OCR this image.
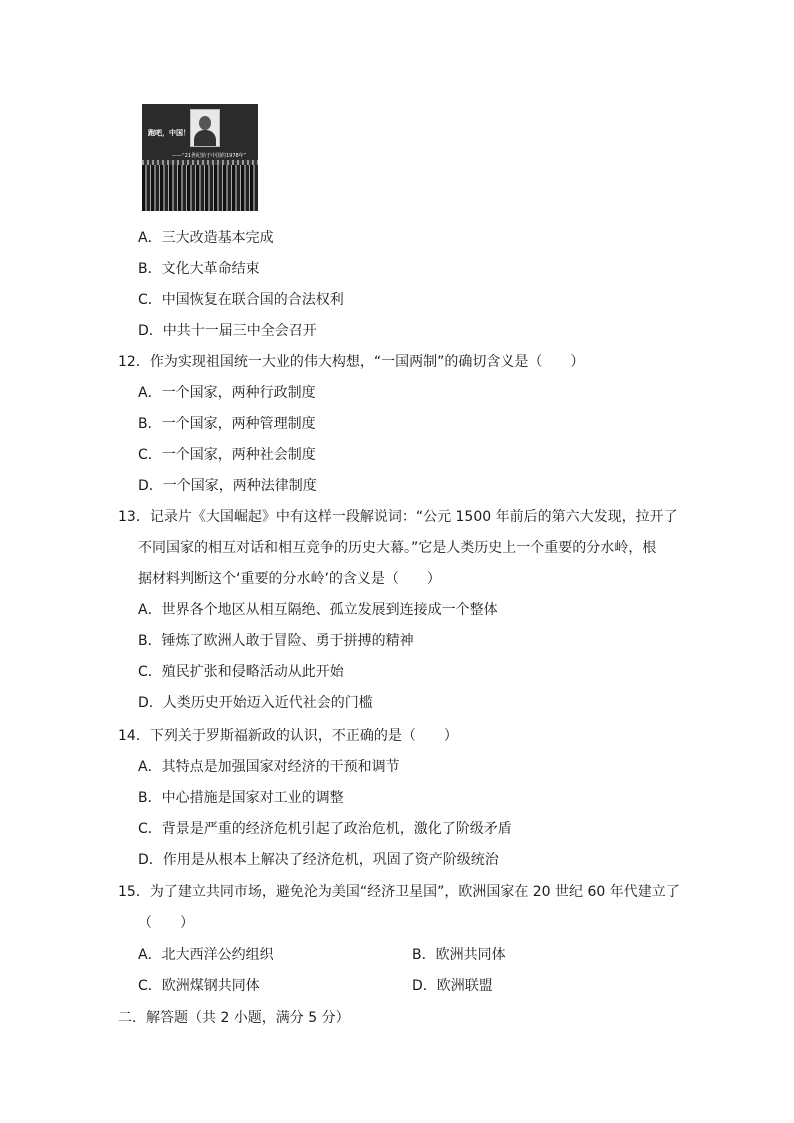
跑吧，中国！
——“21世纪始于中国的1978年”
A．三大改造基本完成
B．文化大革命结束
C．中国恢复在联合国的合法权利
D．中共十一届三中全会召开
12．作为实现祖国统一大业的伟大构想，“一国两制”的确切含义是（　　）
A．一个国家，两种行政制度
B．一个国家，两种管理制度
C．一个国家，两种社会制度
D．一个国家，两种法律制度
13．记录片《大国崛起》中有这样一段解说词：“公元 1500 年前后的第六大发现，拉开了
不同国家的相互对话和相互竞争的历史大幕。”它是人类历史上一个重要的分水岭，根
据材料判断这个‘重要的分水岭’的含义是（　　）
A．世界各个地区从相互隔绝、孤立发展到连接成一个整体
B．锤炼了欧洲人敢于冒险、勇于拼搏的精神
C．殖民扩张和侵略活动从此开始
D．人类历史开始迈入近代社会的门槛
14．下列关于罗斯福新政的认识，不正确的是（　　）
A．其特点是加强国家对经济的干预和调节
B．中心措施是国家对工业的调整
C．背景是严重的经济危机引起了政治危机，激化了阶级矛盾
D．作用是从根本上解决了经济危机，巩固了资产阶级统治
15．为了建立共同市场，避免沦为美国“经济卫星国”，欧洲国家在 20 世纪 60 年代建立了
（　　）
A．北大西洋公约组织	B．欧洲共同体
C．欧洲煤钢共同体	D．欧洲联盟
二．解答题（共 2 小题，满分 5 分）
